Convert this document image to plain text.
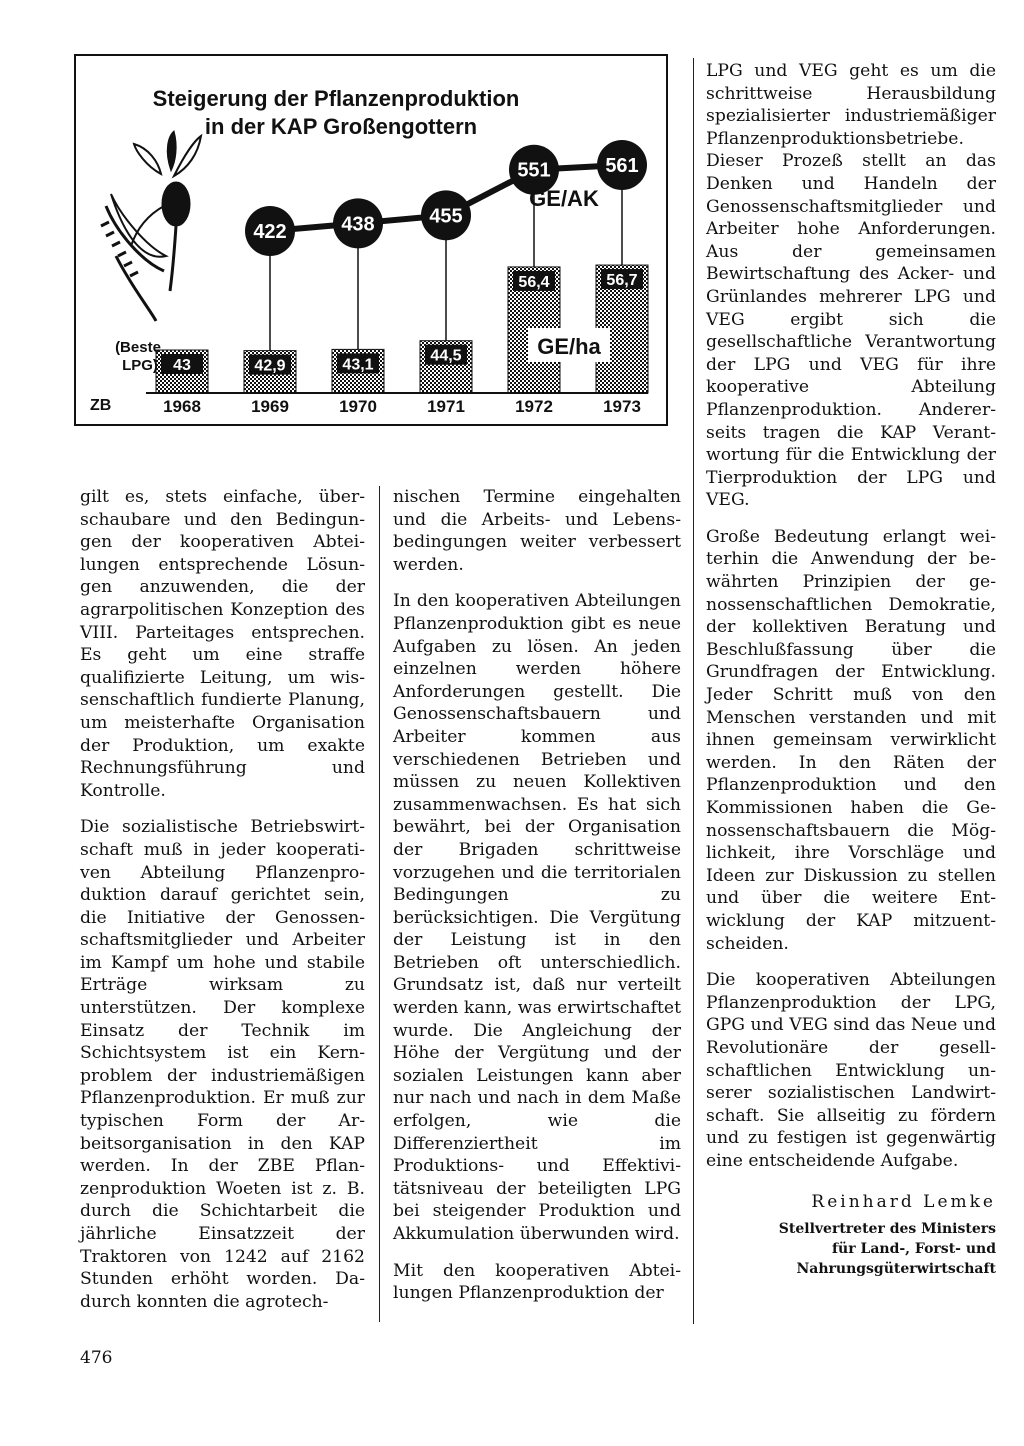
Steigerung der Pflanzenproduktion
in der KAP Großengottern
43
1968
42,9
1969
43,1
1970
44,5
1971
56,4
1972
56,7
1973
422	438	455
551	561
GE/AK
GE/ha
(Beste
LPG)
ZB

gilt es, stets einfache, überschaubare und den Bedingungen der kooperativen Abteilungen entsprechende Lösungen anzuwenden, die der agrarpolitischen Konzeption des VIII. Parteitages entsprechen. Es geht um eine straffe qualifizierte Leitung, um wissenschaftlich fundierte Planung, um meisterhafte Organisation der Produktion, um exakte Rechnungsführung und Kontrolle.

Die sozialistische Betriebswirtschaft muß in jeder kooperativen Abteilung Pflanzenproduktion darauf gerichtet sein, die Initiative der Genossenschaftsmitglieder und Arbeiter im Kampf um hohe und stabile Erträge wirksam zu unterstützen. Der komplexe Einsatz der Technik im Schichtsystem ist ein Kernproblem der industriemäßigen Pflanzenproduktion. Er muß zur typischen Form der Arbeitsorganisation in den KAP werden. In der ZBE Pflanzenproduktion Woeten ist z. B. durch die Schichtarbeit die jährliche Einsatzzeit der Traktoren von 1242 auf 2162 Stunden erhöht worden. Dadurch konnten die agrotech-

nischen Termine eingehalten und die Arbeits- und Lebensbedingungen weiter verbessert werden.

In den kooperativen Abteilungen Pflanzenproduktion gibt es neue Aufgaben zu lösen. An jeden einzelnen werden höhere Anforderungen gestellt. Die Genossenschaftsbauern und Arbeiter kommen aus verschiedenen Betrieben und müssen zu neuen Kollektiven zusammenwachsen. Es hat sich bewährt, bei der Organisation der Brigaden schrittweise vorzugehen und die territorialen Bedingungen zu berücksichtigen. Die Vergütung der Leistung ist in den Betrieben oft unterschiedlich. Grundsatz ist, daß nur verteilt werden kann, was erwirtschaftet wurde. Die Angleichung der Höhe der Vergütung und der sozialen Leistungen kann aber nur nach und nach in dem Maße erfolgen, wie die Differenziertheit im Produktions- und Effektivitätsniveau der beteiligten LPG bei steigender Produktion und Akkumulation überwunden wird.

Mit den kooperativen Abteilungen Pflanzenproduktion der

LPG und VEG geht es um die schrittweise Herausbildung spezialisierter industriemäßiger Pflanzenproduktionsbetriebe. Dieser Prozeß stellt an das Denken und Handeln der Genossenschaftsmitglieder und Arbeiter hohe Anforderungen. Aus der gemeinsamen Bewirtschaftung des Acker- und Grünlandes mehrerer LPG und VEG ergibt sich die gesellschaftliche Verantwortung der LPG und VEG für ihre kooperative Abteilung Pflanzenproduktion. Andererseits tragen die KAP Verantwortung für die Entwicklung der Tierproduktion der LPG und VEG.

Große Bedeutung erlangt weiterhin die Anwendung der bewährten Prinzipien der genossenschaftlichen Demokratie, der kollektiven Beratung und Beschlußfassung über die Grundfragen der Entwicklung. Jeder Schritt muß von den Menschen verstanden und mit ihnen gemeinsam verwirklicht werden. In den Räten der Pflanzenproduktion und den Kommissionen haben die Genossenschaftsbauern die Möglichkeit, ihre Vorschläge und Ideen zur Diskussion zu stellen und über die weitere Entwicklung der KAP mitzuentscheiden.

Die kooperativen Abteilungen Pflanzenproduktion der LPG, GPG und VEG sind das Neue und Revolutionäre der gesellschaftlichen Entwicklung unserer sozialistischen Landwirtschaft. Sie allseitig zu fördern und zu festigen ist gegenwärtig eine entscheidende Aufgabe.

Reinhard Lemke
Stellvertreter des Ministers
für Land-, Forst- und
Nahrungsgüterwirtschaft
476
